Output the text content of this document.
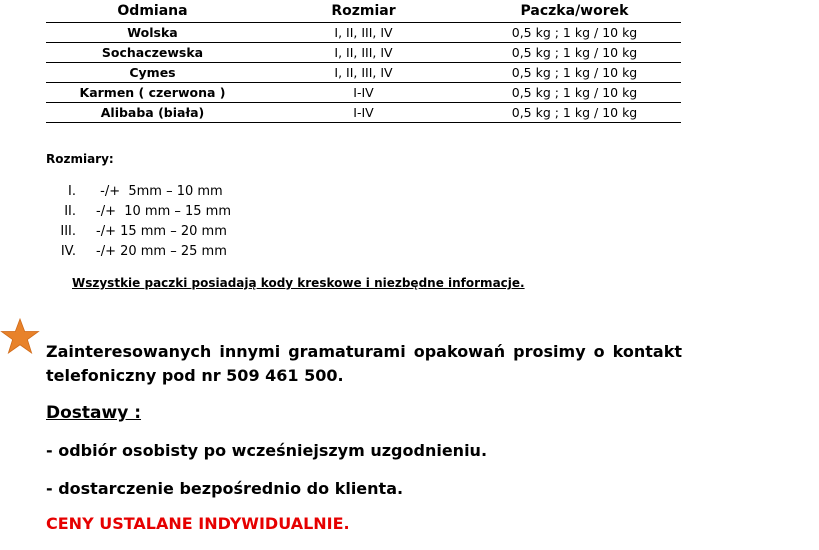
Odmiana	Rozmiar	Paczka/worek
Wolska	I, II, III, IV	0,5 kg ; 1 kg / 10 kg
Sochaczewska	I, II, III, IV	0,5 kg ; 1 kg / 10 kg
Cymes	I, II, III, IV	0,5 kg ; 1 kg / 10 kg
Karmen ( czerwona )	I-IV	0,5 kg ; 1 kg / 10 kg
Alibaba (biała)	I-IV	0,5 kg ; 1 kg / 10 kg
Rozmiary:
I. -/+  5mm – 10 mm
II. -/+  10 mm – 15 mm
III. -/+ 15 mm – 20 mm
IV. -/+ 20 mm – 25 mm
Wszystkie paczki posiadają kody kreskowe i niezbędne informacje.
Zainteresowanych innymi gramaturami opakowań prosimy o kontakt telefoniczny pod nr 509 461 500.
Dostawy :
- odbiór osobisty po wcześniejszym uzgodnieniu.
- dostarczenie bezpośrednio do klienta.
CENY USTALANE INDYWIDUALNIE.
